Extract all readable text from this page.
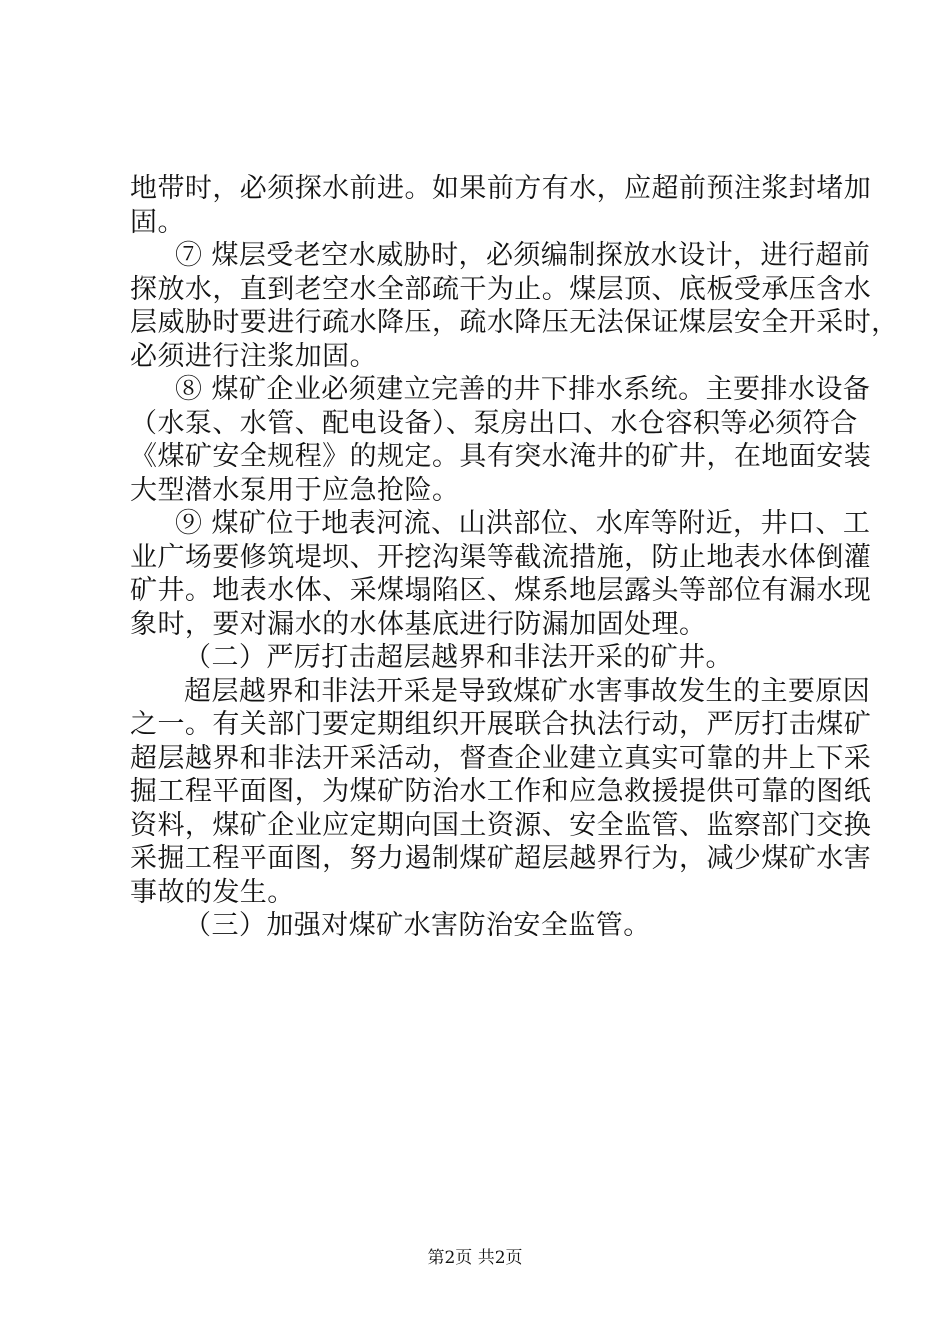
地带时，必须探水前进。如果前方有水，应超前预注浆封堵加
固。
⑦ 煤层受老空水威胁时，必须编制探放水设计，进行超前
探放水，直到老空水全部疏干为止。煤层顶、底板受承压含水
层威胁时要进行疏水降压，疏水降压无法保证煤层安全开采时，
必须进行注浆加固。
⑧ 煤矿企业必须建立完善的井下排水系统。主要排水设备
（水泵、水管、配电设备）、泵房出口、水仓容积等必须符合
《煤矿安全规程》的规定。具有突水淹井的矿井，在地面安装
大型潜水泵用于应急抢险。
⑨ 煤矿位于地表河流、山洪部位、水库等附近，井口、工
业广场要修筑堤坝、开挖沟渠等截流措施，防止地表水体倒灌
矿井。地表水体、采煤塌陷区、煤系地层露头等部位有漏水现
象时，要对漏水的水体基底进行防漏加固处理。
（二）严厉打击超层越界和非法开采的矿井。
超层越界和非法开采是导致煤矿水害事故发生的主要原因
之一。有关部门要定期组织开展联合执法行动，严厉打击煤矿
超层越界和非法开采活动，督查企业建立真实可靠的井上下采
掘工程平面图，为煤矿防治水工作和应急救援提供可靠的图纸
资料，煤矿企业应定期向国土资源、安全监管、监察部门交换
采掘工程平面图，努力遏制煤矿超层越界行为，减少煤矿水害
事故的发生。
（三）加强对煤矿水害防治安全监管。
第2页 共2页
